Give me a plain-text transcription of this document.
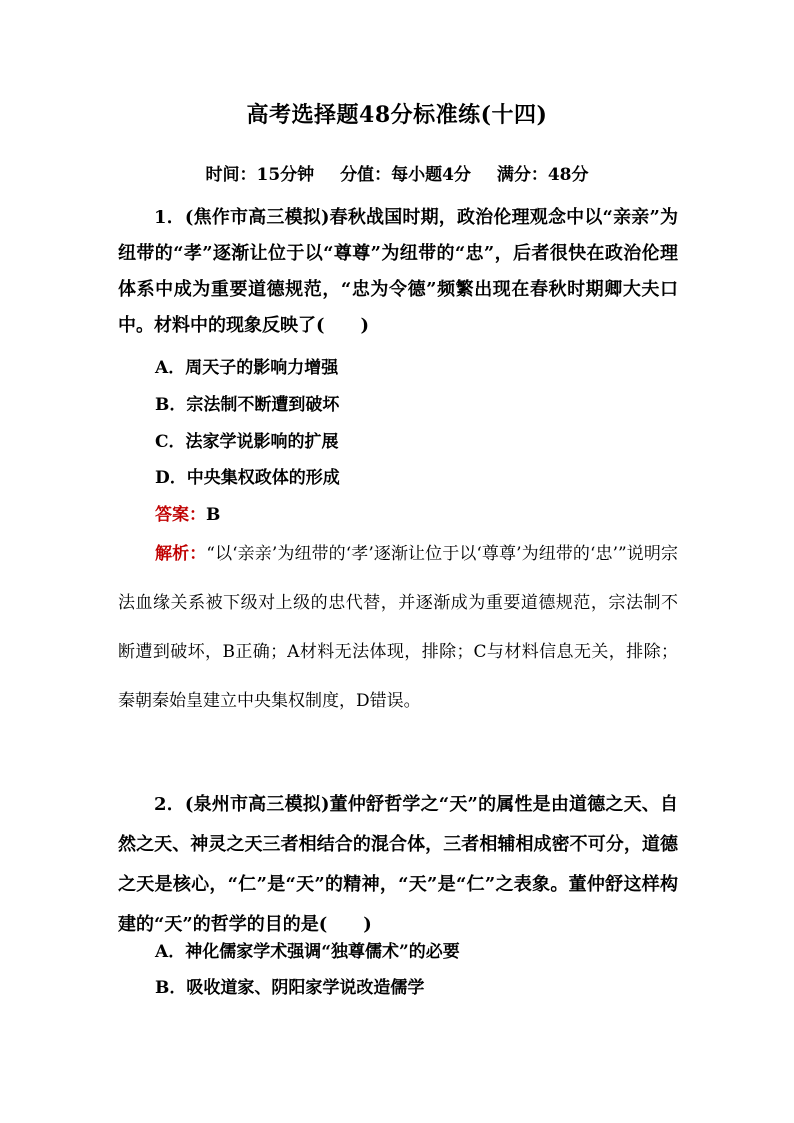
高考选择题48分标准练(十四)
时间：15分钟 分值：每小题4分 满分：48分
1．(焦作市高三模拟)春秋战国时期，政治伦理观念中以“亲亲”为纽带的“孝”逐渐让位于以“尊尊”为纽带的“忠”，后者很快在政治伦理体系中成为重要道德规范，“忠为令德”频繁出现在春秋时期卿大夫口中。材料中的现象反映了(　　)
A．周天子的影响力增强
B．宗法制不断遭到破坏
C．法家学说影响的扩展
D．中央集权政体的形成
答案：B
解析：“以‘亲亲’为纽带的‘孝’逐渐让位于以‘尊尊’为纽带的‘忠’”说明宗法血缘关系被下级对上级的忠代替，并逐渐成为重要道德规范，宗法制不断遭到破坏，B正确；A材料无法体现，排除；C与材料信息无关，排除；秦朝秦始皇建立中央集权制度，D错误。
2．(泉州市高三模拟)董仲舒哲学之“天”的属性是由道德之天、自然之天、神灵之天三者相结合的混合体，三者相辅相成密不可分，道德之天是核心，“仁”是“天”的精神，“天”是“仁”之表象。董仲舒这样构建的“天”的哲学的目的是(　　)
A．神化儒家学术强调“独尊儒术”的必要
B．吸收道家、阴阳家学说改造儒学
